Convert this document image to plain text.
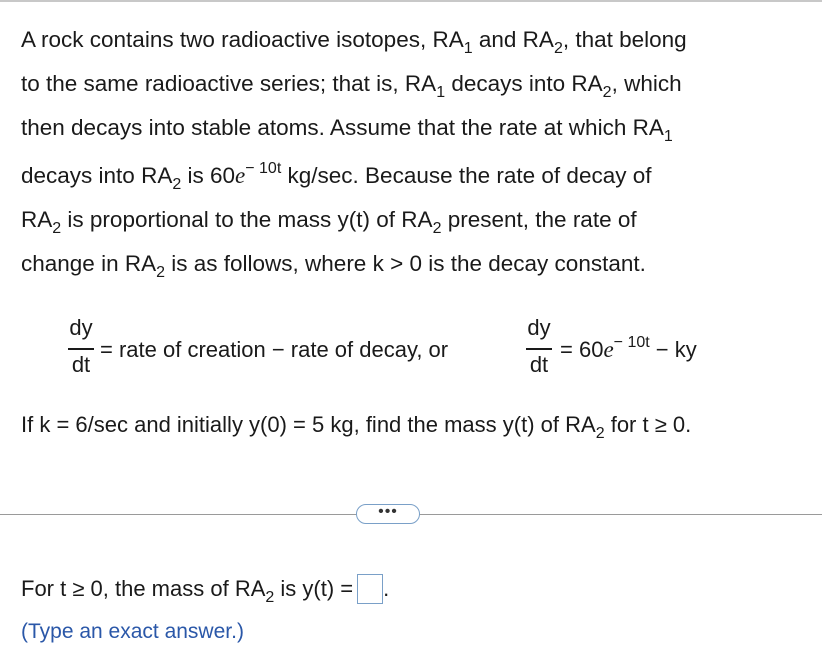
A rock contains two radioactive isotopes, $RA_1$ and $RA_2$, that belong
to the same radioactive series; that is, $RA_1$ decays into $RA_2$, which
then decays into stable atoms. Assume that the rate at which $RA_1$
decays into $RA_2$ is $60e^{- 10t}$ kg/sec. Because the rate of decay of
$RA_2$ is proportional to the mass y(t) of $RA_2$ present, the rate of
change in $RA_2$ is as follows, where k > 0 is the decay constant.
dy
dt
= rate of creation − rate of decay, or
dy
dt
= $60e^{- 10t}$ − ky
If k = 6/sec and initially y(0) = 5 kg, find the mass y(t) of $RA_2$ for t ≥ 0.
•••
For t ≥ 0, the mass of $RA_2$ is y(t) = .
(Type an exact answer.)
